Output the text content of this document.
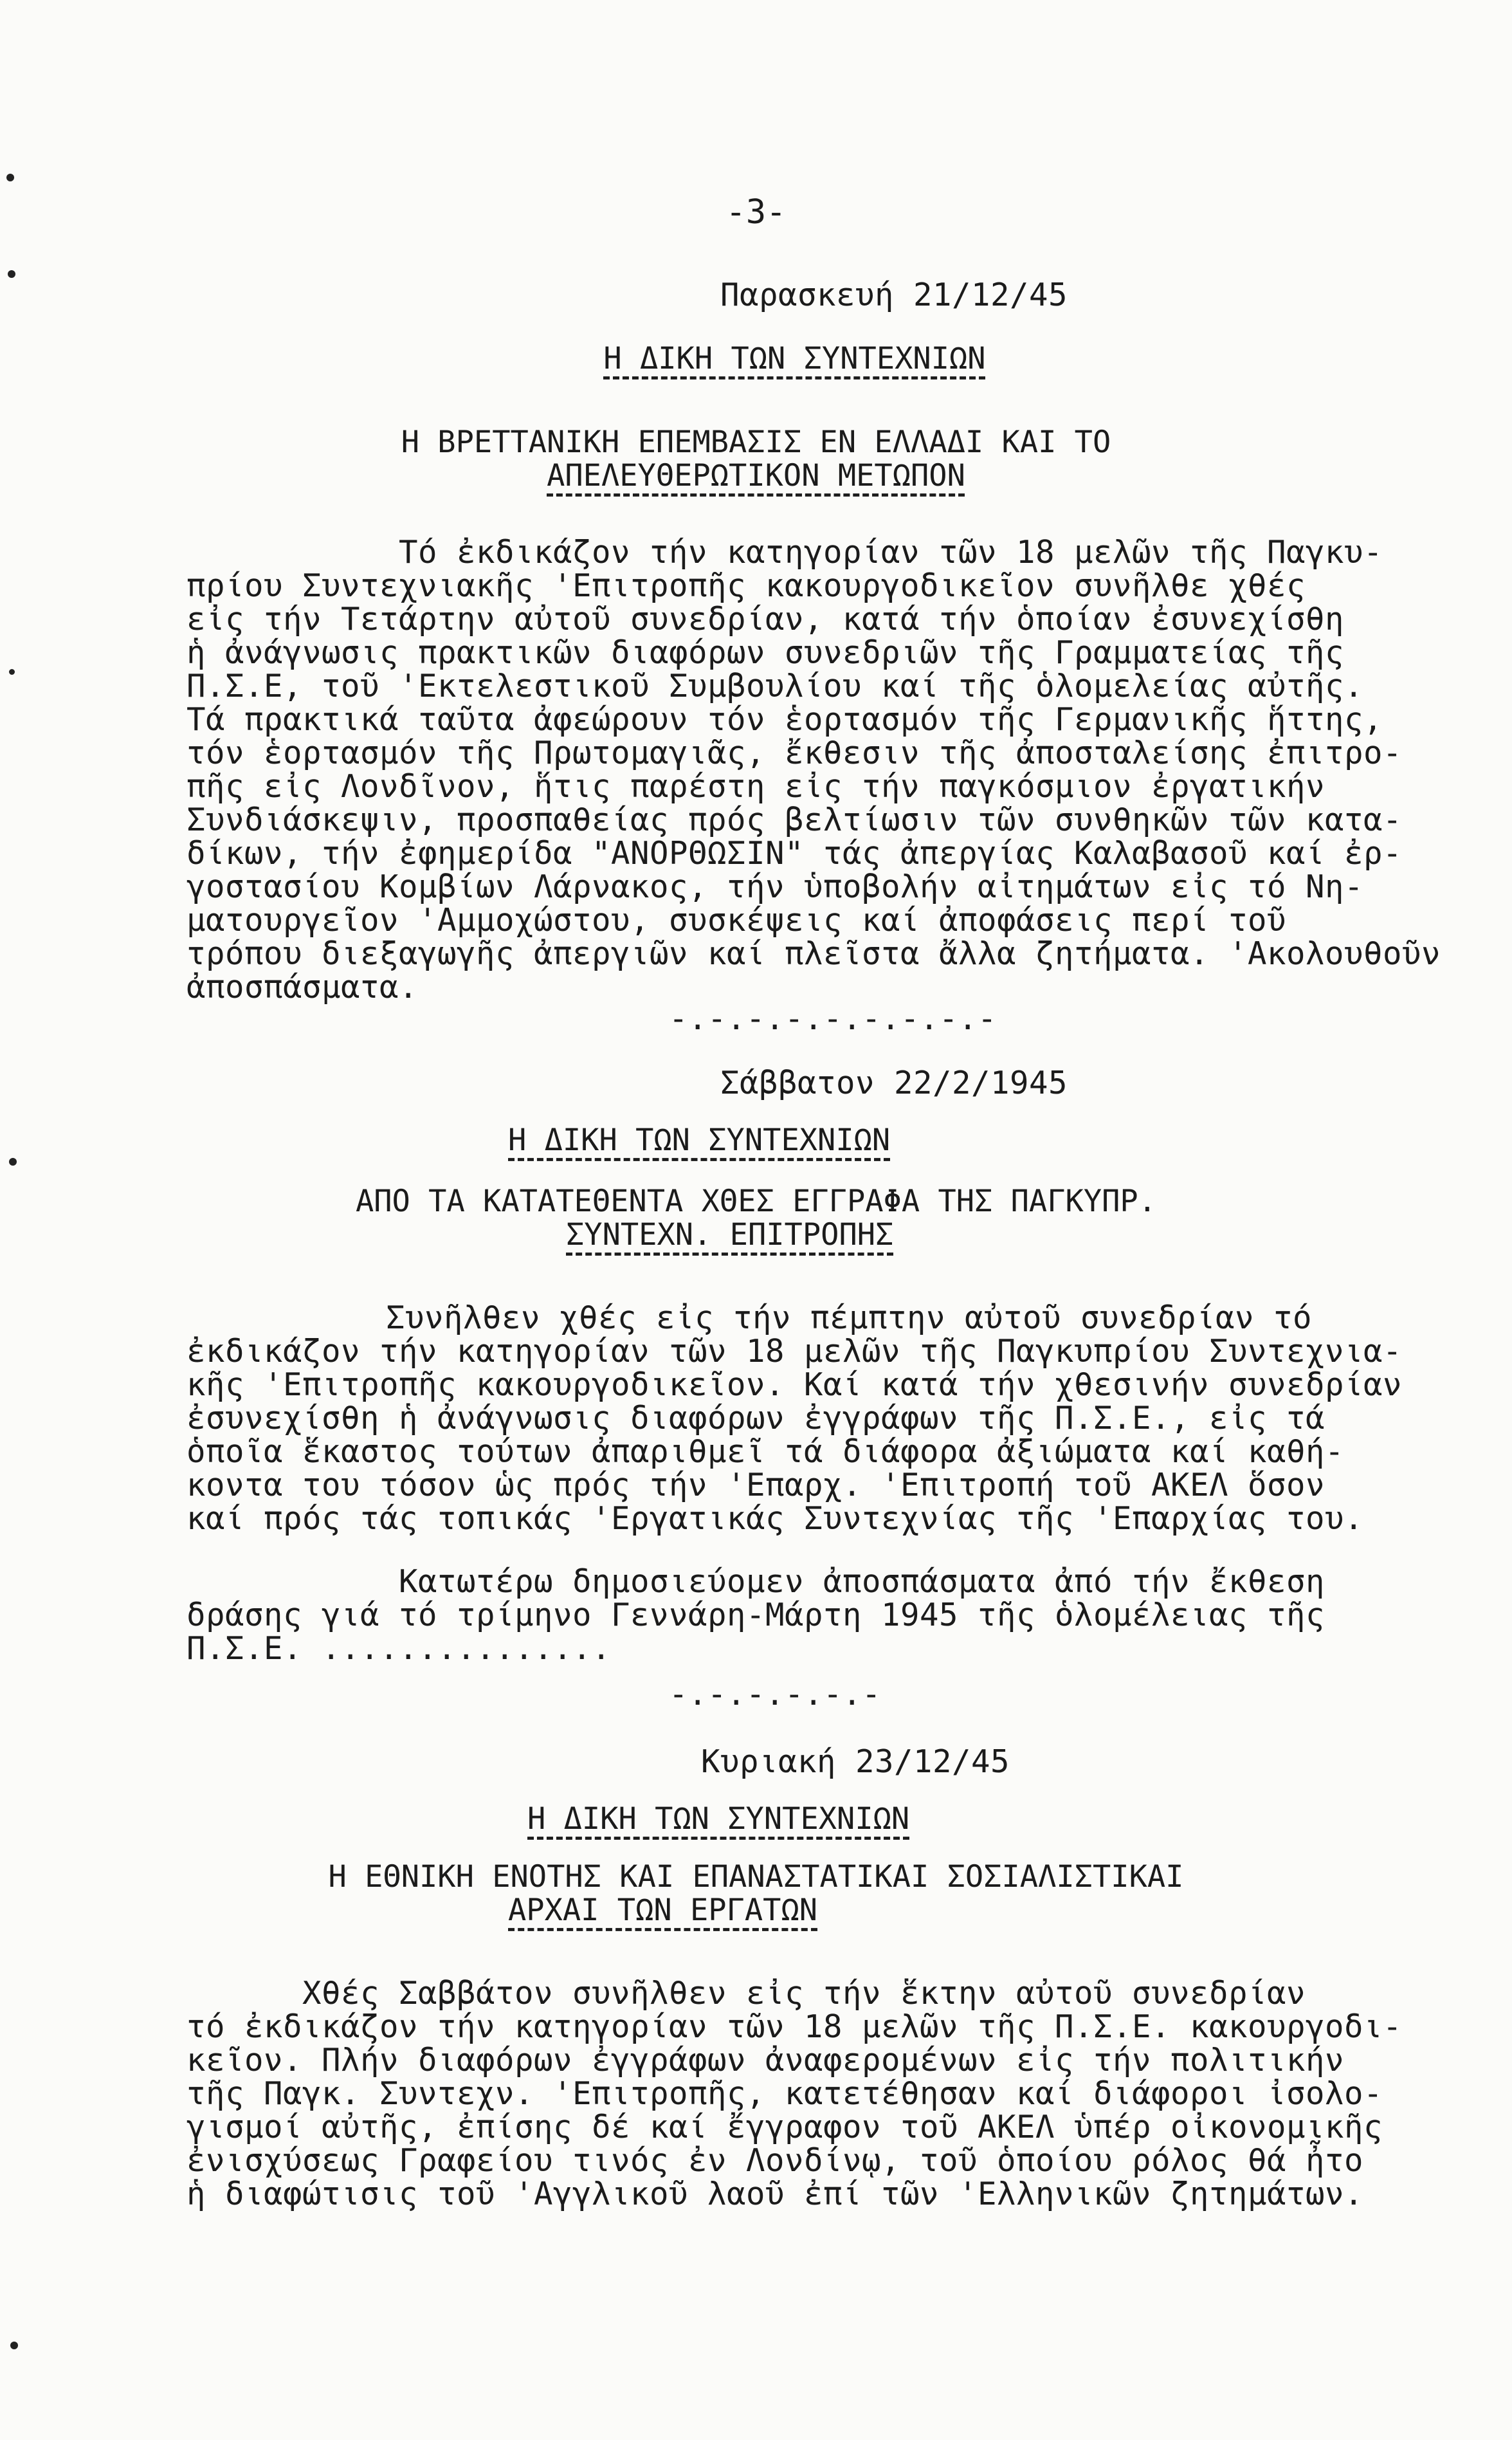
-3-
Παρασκευή 21/12/45
Η ΔΙΚΗ ΤΩΝ ΣΥΝΤΕΧΝΙΩΝ
Η ΒΡΕΤΤΑΝΙΚΗ ΕΠΕΜΒΑΣΙΣ ΕΝ ΕΛΛΑΔΙ ΚΑΙ ΤΟ
ΑΠΕΛΕΥΘΕΡΩΤΙΚΟΝ ΜΕΤΩΠΟΝ
Τό ἐκδικάζον τήν κατηγορίαν τῶν 18 μελῶν τῆς Παγκυ-
πρίου Συντεχνιακῆς 'Επιτροπῆς κακουργοδικεῖον συνῆλθε χθές
εἰς τήν Τετάρτην αὐτοῦ συνεδρίαν, κατά τήν ὁποίαν ἐσυνεχίσθη
ἡ ἀνάγνωσις πρακτικῶν διαφόρων συνεδριῶν τῆς Γραμματείας τῆς
Π.Σ.Ε, τοῦ 'Εκτελεστικοῦ Συμβουλίου καί τῆς ὁλομελείας αὐτῆς.
Τά πρακτικά ταῦτα ἀφεώρουν τόν ἑορτασμόν τῆς Γερμανικῆς ἥττης,
τόν ἑορτασμόν τῆς Πρωτομαγιᾶς, ἔκθεσιν τῆς ἀποσταλείσης ἐπιτρο-
πῆς εἰς Λονδῖνον, ἥτις παρέστη εἰς τήν παγκόσμιον ἐργατικήν
Συνδιάσκεψιν, προσπαθείας πρός βελτίωσιν τῶν συνθηκῶν τῶν κατα-
δίκων, τήν ἐφημερίδα "ΑΝΟΡΘΩΣΙΝ" τάς ἀπεργίας Καλαβασοῦ καί ἐρ-
γοστασίου Κομβίων Λάρνακος, τήν ὑποβολήν αἰτημάτων εἰς τό Νη-
ματουργεῖον 'Αμμοχώστου, συσκέψεις καί ἀποφάσεις περί τοῦ
τρόπου διεξαγωγῆς ἀπεργιῶν καί πλεῖστα ἄλλα ζητήματα. 'Ακολουθοῦν
ἀποσπάσματα.
-.-.-.-.-.-.-.-.-
Σάββατον 22/2/1945
Η ΔΙΚΗ ΤΩΝ ΣΥΝΤΕΧΝΙΩΝ
ΑΠΟ ΤΑ ΚΑΤΑΤΕΘΕΝΤΑ ΧΘΕΣ ΕΓΓΡΑΦΑ ΤΗΣ ΠΑΓΚΥΠΡ.
ΣΥΝΤΕΧΝ. ΕΠΙΤΡΟΠΗΣ
Συνῆλθεν χθές εἰς τήν πέμπτην αὐτοῦ συνεδρίαν τό
ἐκδικάζον τήν κατηγορίαν τῶν 18 μελῶν τῆς Παγκυπρίου Συντεχνια-
κῆς 'Επιτροπῆς κακουργοδικεῖον. Καί κατά τήν χθεσινήν συνεδρίαν
ἐσυνεχίσθη ἡ ἀνάγνωσις διαφόρων ἐγγράφων τῆς Π.Σ.Ε., εἰς τά
ὁποῖα ἕκαστος τούτων ἀπαριθμεῖ τά διάφορα ἀξιώματα καί καθή-
κοντα του τόσον ὡς πρός τήν 'Επαρχ. 'Επιτροπή τοῦ ΑΚΕΛ ὅσον
καί πρός τάς τοπικάς 'Εργατικάς Συντεχνίας τῆς 'Επαρχίας του.
Κατωτέρω δημοσιεύομεν ἀποσπάσματα ἀπό τήν ἔκθεση
δράσης γιά τό τρίμηνο Γεννάρη-Μάρτη 1945 τῆς ὁλομέλειας τῆς
Π.Σ.Ε. ...............
-.-.-.-.-.-
Κυριακή 23/12/45
Η ΔΙΚΗ ΤΩΝ ΣΥΝΤΕΧΝΙΩΝ
Η ΕΘΝΙΚΗ ΕΝΟΤΗΣ ΚΑΙ ΕΠΑΝΑΣΤΑΤΙΚΑΙ ΣΟΣΙΑΛΙΣΤΙΚΑΙ
ΑΡΧΑΙ ΤΩΝ ΕΡΓΑΤΩΝ
Χθές Σαββάτον συνῆλθεν εἰς τήν ἕκτην αὐτοῦ συνεδρίαν
τό ἐκδικάζον τήν κατηγορίαν τῶν 18 μελῶν τῆς Π.Σ.Ε. κακουργοδι-
κεῖον. Πλήν διαφόρων ἐγγράφων ἀναφερομένων εἰς τήν πολιτικήν
τῆς Παγκ. Συντεχν. 'Επιτροπῆς, κατετέθησαν καί διάφοροι ἰσολο-
γισμοί αὐτῆς, ἐπίσης δέ καί ἔγγραφον τοῦ ΑΚΕΛ ὑπέρ οἰκονομικῆς
ἐνισχύσεως Γραφείου τινός ἐν Λονδίνῳ, τοῦ ὁποίου ρόλος θά ἦτο
ἡ διαφώτισις τοῦ 'Αγγλικοῦ λαοῦ ἐπί τῶν 'Ελληνικῶν ζητημάτων.
